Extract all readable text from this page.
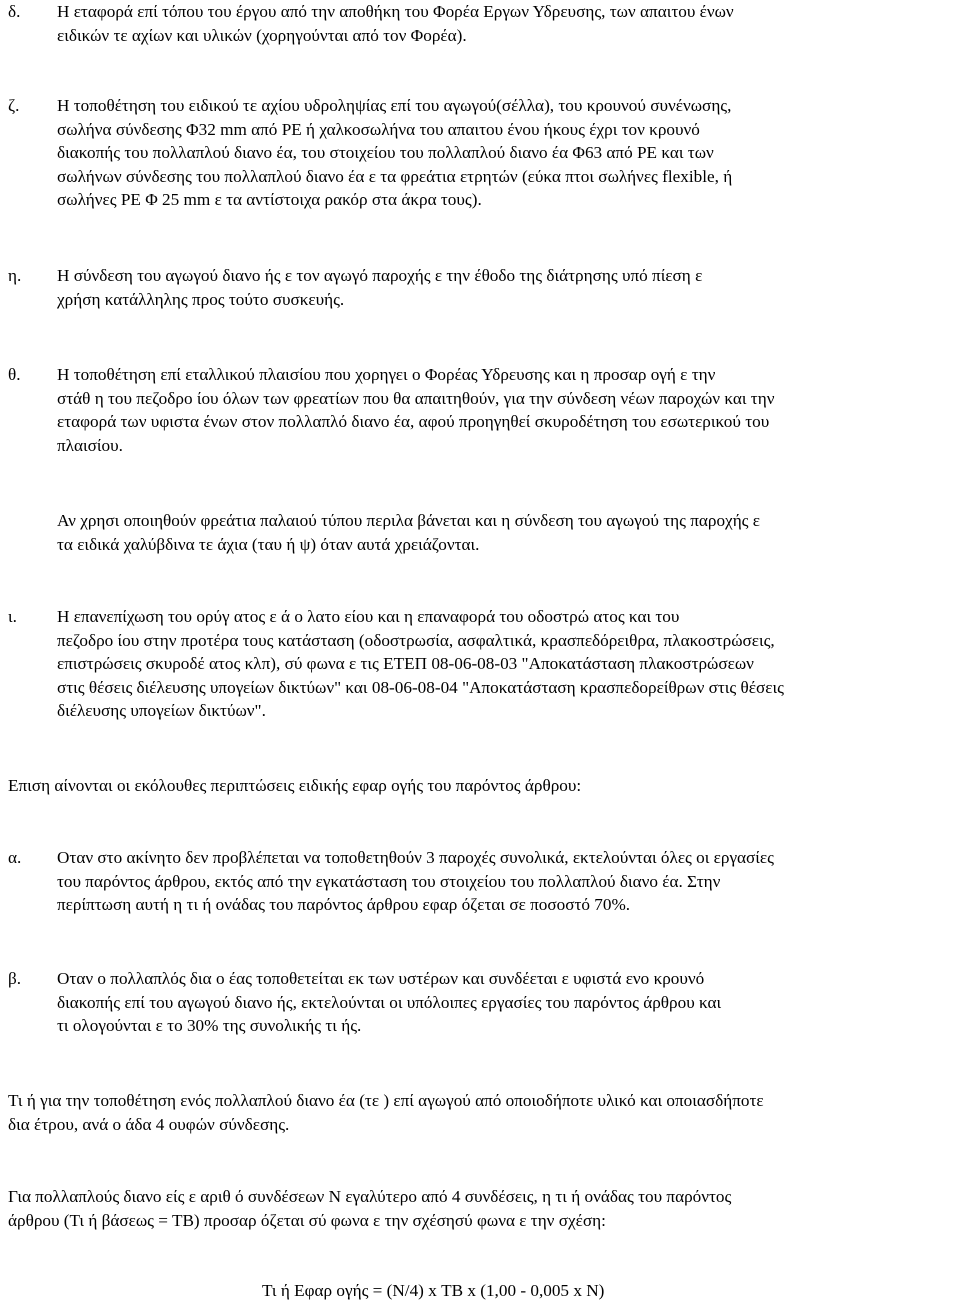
δ. Η εταφορά επί τόπου του έργου από την αποθήκη του Φορέα Εργων Υδρευσης, των απαιτου ένων
ειδικών τε αχίων και υλικών (χορηγούνται από τον Φορέα).
ζ. Η τοποθέτηση του ειδικού τε αχίου υδροληψίας επί του αγωγού(σέλλα), του κρουνού συνένωσης,
σωλήνα σύνδεσης Φ32 mm από PE ή χαλκοσωλήνα του απαιτου ένου ήκους έχρι τον κρουνό
διακοπής του πολλαπλού διανο έα, του στοιχείου του πολλαπλού διανο έα Φ63 από PE και των
σωλήνων σύνδεσης του πολλαπλού διανο έα ε τα φρεάτια ετρητών (εύκα πτοι σωλήνες flexible, ή
σωλήνες PE Φ 25 mm ε τα αντίστοιχα ρακόρ στα άκρα τους).
η. Η σύνδεση του αγωγού διανο ής ε τον αγωγό παροχής ε την έθοδο της διάτρησης υπό πίεση ε
χρήση κατάλληλης προς τούτο συσκευής.
θ. Η τοποθέτηση επί εταλλικού πλαισίου που χορηγει ο Φορέας Υδρευσης και η προσαρ ογή ε την
στάθ η του πεζοδρο ίου όλων των φρεατίων που θα απαιτηθούν, για την σύνδεση νέων παροχών και την
εταφορά των υφιστα ένων στον πολλαπλό διανο έα, αφού προηγηθεί σκυροδέτηση του εσωτερικού του
πλαισίου.
Αν χρησι οποιηθούν φρεάτια παλαιού τύπου περιλα βάνεται και η σύνδεση του αγωγού της παροχής ε
τα ειδικά χαλύβδινα τε άχια (ταυ ή ψ) όταν αυτά χρειάζονται.
ι. Η επανεπίχωση του ορύγ ατος ε ά ο λατο είου και η επαναφορά του οδοστρώ ατος και του
πεζοδρο ίου στην προτέρα τους κατάσταση (οδοστρωσία, ασφαλτικά, κρασπεδόρειθρα, πλακοστρώσεις,
επιστρώσεις σκυροδέ ατος κλπ), σύ φωνα ε τις ΕΤΕΠ 08-06-08-03 "Αποκατάσταση πλακοστρώσεων
στις θέσεις διέλευσης υπογείων δικτύων" και 08-06-08-04 "Αποκατάσταση κρασπεδορείθρων στις θέσεις
διέλευσης υπογείων δικτύων".
Επιση αίνονται οι εκόλουθες περιπτώσεις ειδικής εφαρ ογής του παρόντος άρθρου:
α. Οταν στο ακίνητο δεν προβλέπεται να τοποθετηθούν 3 παροχές συνολικά, εκτελούνται όλες οι εργασίες
του παρόντος άρθρου, εκτός από την εγκατάσταση του στοιχείου του πολλαπλού διανο έα. Στην
περίπτωση αυτή η τι ή ονάδας του παρόντος άρθρου εφαρ όζεται σε ποσοστό 70%.
β. Οταν ο πολλαπλός δια ο έας τοποθετείται εκ των υστέρων και συνδέεται ε υφιστά ενο κρουνό
διακοπής επί του αγωγού διανο ής, εκτελούνται οι υπόλοιπες εργασίες του παρόντος άρθρου και
τι ολογούνται ε το 30% της συνολικής τι ής.
Τι ή για την τοποθέτηση ενός πολλαπλού διανο έα (τε ) επί αγωγού από οποιοδήποτε υλικό και οποιασδήποτε
δια έτρου, ανά ο άδα 4 ουφών σύνδεσης.
Για πολλαπλούς διανο είς ε αριθ ό συνδέσεων Ν εγαλύτερο από 4 συνδέσεις, η τι ή ονάδας του παρόντος
άρθρου (Τι ή βάσεως = ΤΒ) προσαρ όζεται σύ φωνα ε την σχέσησύ φωνα ε την σχέση:
Τι ή Εφαρ ογής = (Ν/4) x ΤΒ x (1,00 - 0,005 x Ν)
